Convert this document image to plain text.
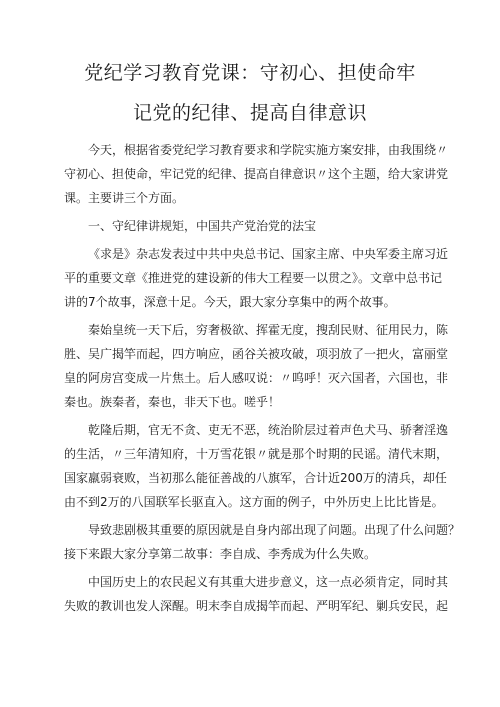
党纪学习教育党课：守初心、担使命牢
记党的纪律、提高自律意识
今天，根据省委党纪学习教育要求和学院实施方案安排，由我围绕〃
守初心、担使命，牢记党的纪律、提高自律意识〃这个主题，给大家讲党
课。主要讲三个方面。
一、守纪律讲规矩，中国共产党治党的法宝
《求是》杂志发表过中共中央总书记、国家主席、中央军委主席习近
平的重要文章《推进党的建设新的伟大工程要一以贯之》。文章中总书记
讲的7个故事，深意十足。今天，跟大家分享集中的两个故事。
秦始皇统一天下后，穷奢极欲、挥霍无度，搜刮民财、征用民力，陈
胜、吴广揭竿而起，四方响应，函谷关被攻破，项羽放了一把火，富丽堂
皇的阿房宫变成一片焦土。后人感叹说：〃呜呼！灭六国者，六国也，非
秦也。族秦者，秦也，非天下也。嗟乎！
乾隆后期，官无不贪、吏无不恶，统治阶层过着声色犬马、骄奢淫逸
的生活，〃三年清知府，十万雪花银〃就是那个时期的民谣。清代末期，
国家羸弱衰败，当初那么能征善战的八旗军，合计近200万的清兵，却任
由不到2万的八国联军长驱直入。这方面的例子，中外历史上比比皆是。
导致悲剧极其重要的原因就是自身内部出现了问题。出现了什么问题？
接下来跟大家分享第二故事：李自成、李秀成为什么失败。
中国历史上的农民起义有其重大进步意义，这一点必须肯定，同时其
失败的教训也发人深醒。明末李自成揭竿而起、严明军纪、剿兵安民，起
